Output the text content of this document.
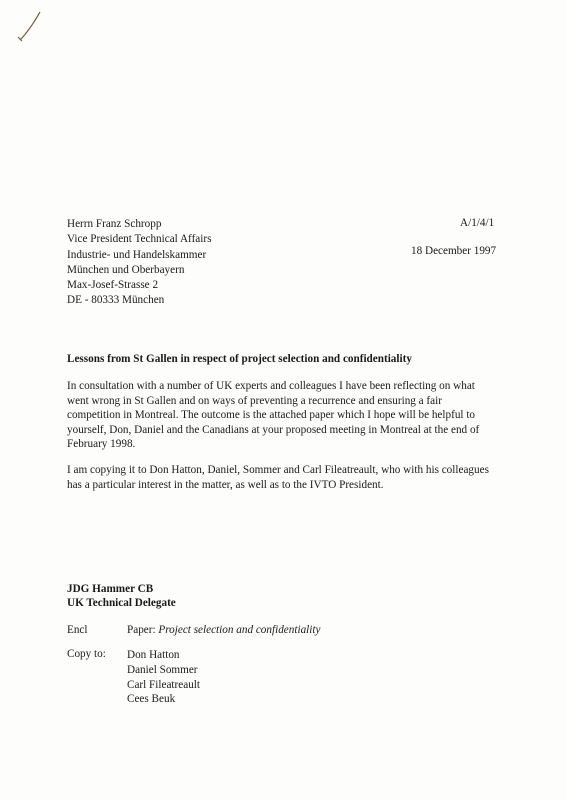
Herrn Franz Schropp
Vice President Technical Affairs
Industrie- und Handelskammer
München und Oberbayern
Max-Josef-Strasse 2
DE - 80333 München
A/1/4/1
18 December 1997
Lessons from St Gallen in respect of project selection and confidentiality
In consultation with a number of UK experts and colleagues I have been reflecting on what
went wrong in St Gallen and on ways of preventing a recurrence and ensuring a fair
competition in Montreal. The outcome is the attached paper which I hope will be helpful to
yourself, Don, Daniel and the Canadians at your proposed meeting in Montreal at the end of
February 1998.
I am copying it to Don Hatton, Daniel, Sommer and Carl Fileatreault, who with his colleagues
has a particular interest in the matter, as well as to the IVTO President.
JDG Hammer CB
UK Technical Delegate
Encl	Paper: Project selection and confidentiality
Copy to: Don Hatton
Daniel Sommer
Carl Fileatreault
Cees Beuk
